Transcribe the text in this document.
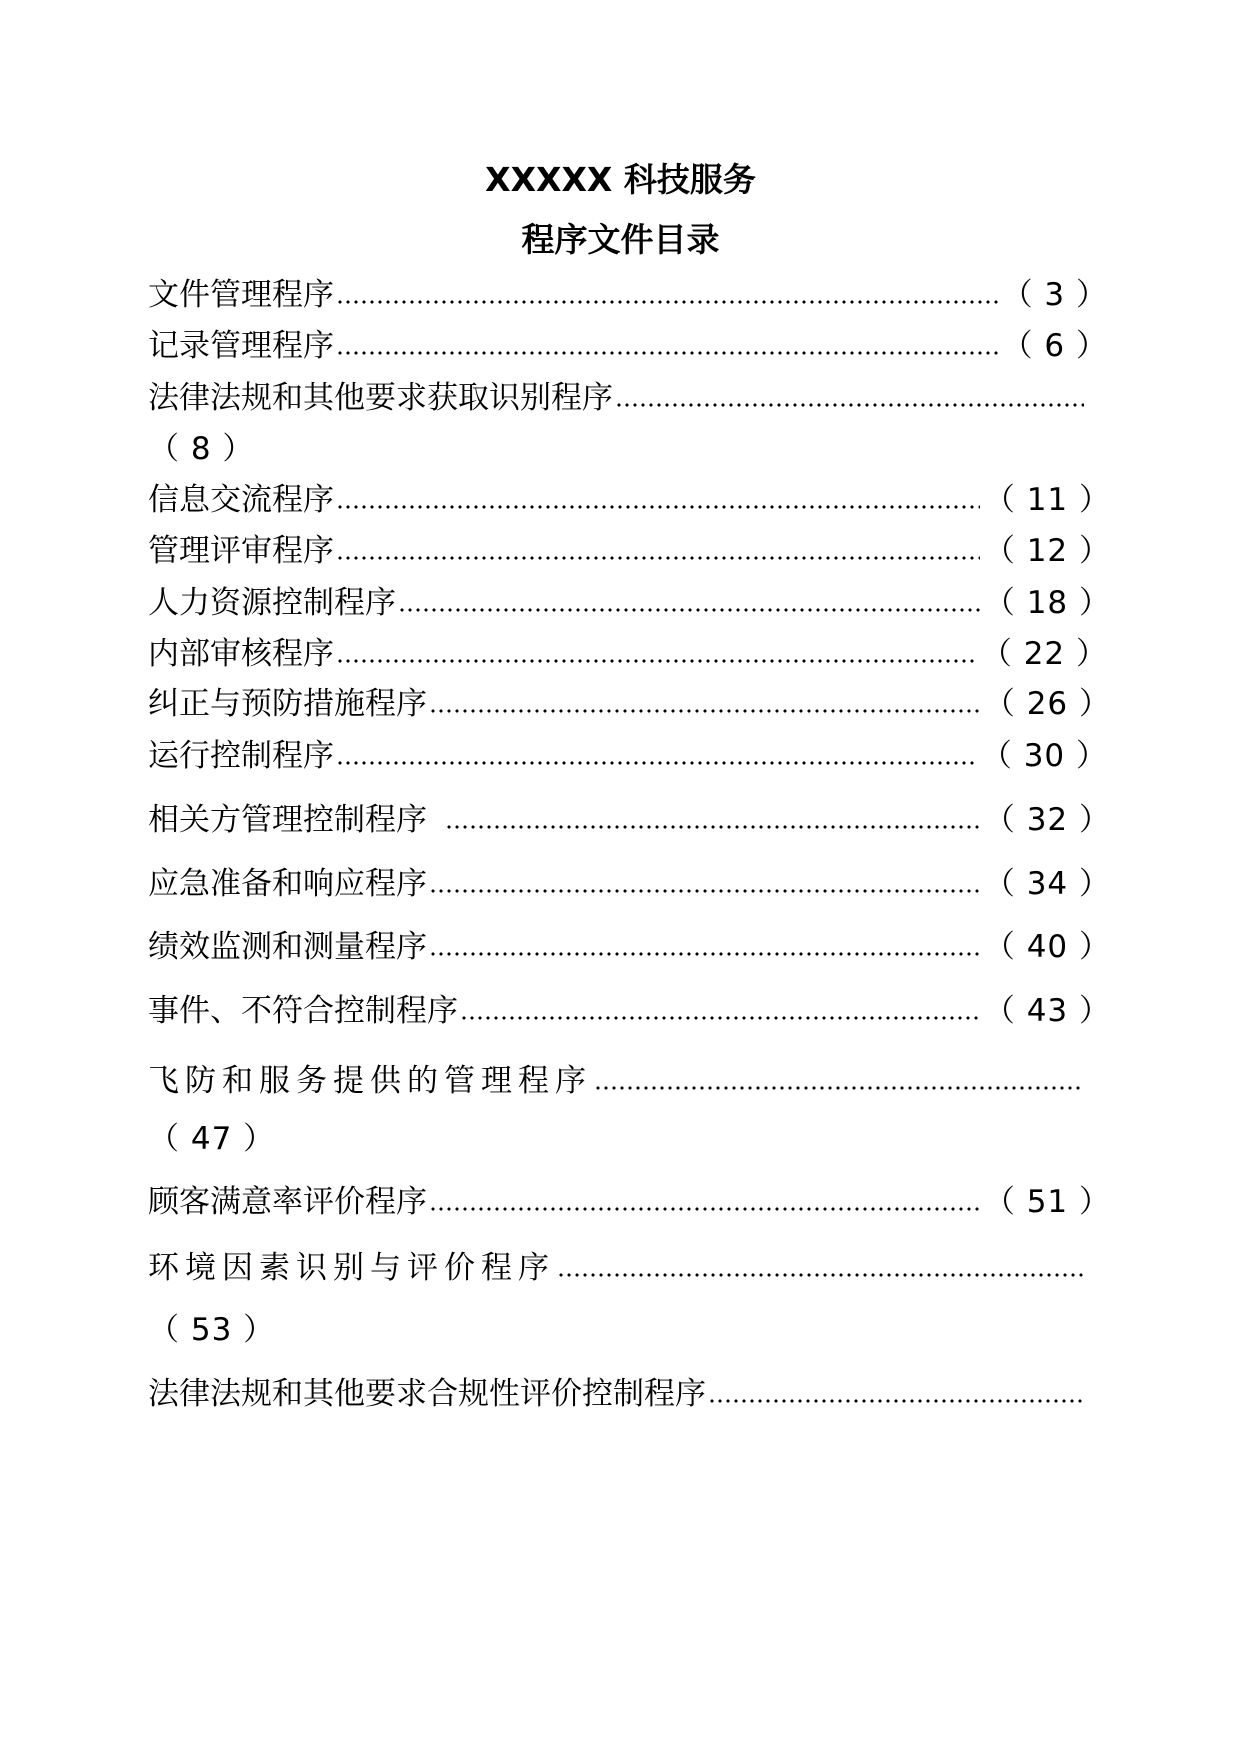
XXXXX 科技服务
程序文件目录
文件管理程序	（ 3 ）
记录管理程序	（ 6 ）
法律法规和其他要求获取识别程序
（ 8 ）
信息交流程序	（ 11 ）
管理评审程序	（ 12 ）
人力资源控制程序	（ 18 ）
内部审核程序	（ 22 ）
纠正与预防措施程序	（ 26 ）
运行控制程序	（ 30 ）
相关方管理控制程序	（ 32 ）
应急准备和响应程序	（ 34 ）
绩效监测和测量程序	（ 40 ）
事件、不符合控制程序	（ 43 ）
飞防和服务提供的管理程序
（ 47 ）
顾客满意率评价程序	（ 51 ）
环境因素识别与评价程序
（ 53 ）
法律法规和其他要求合规性评价控制程序
